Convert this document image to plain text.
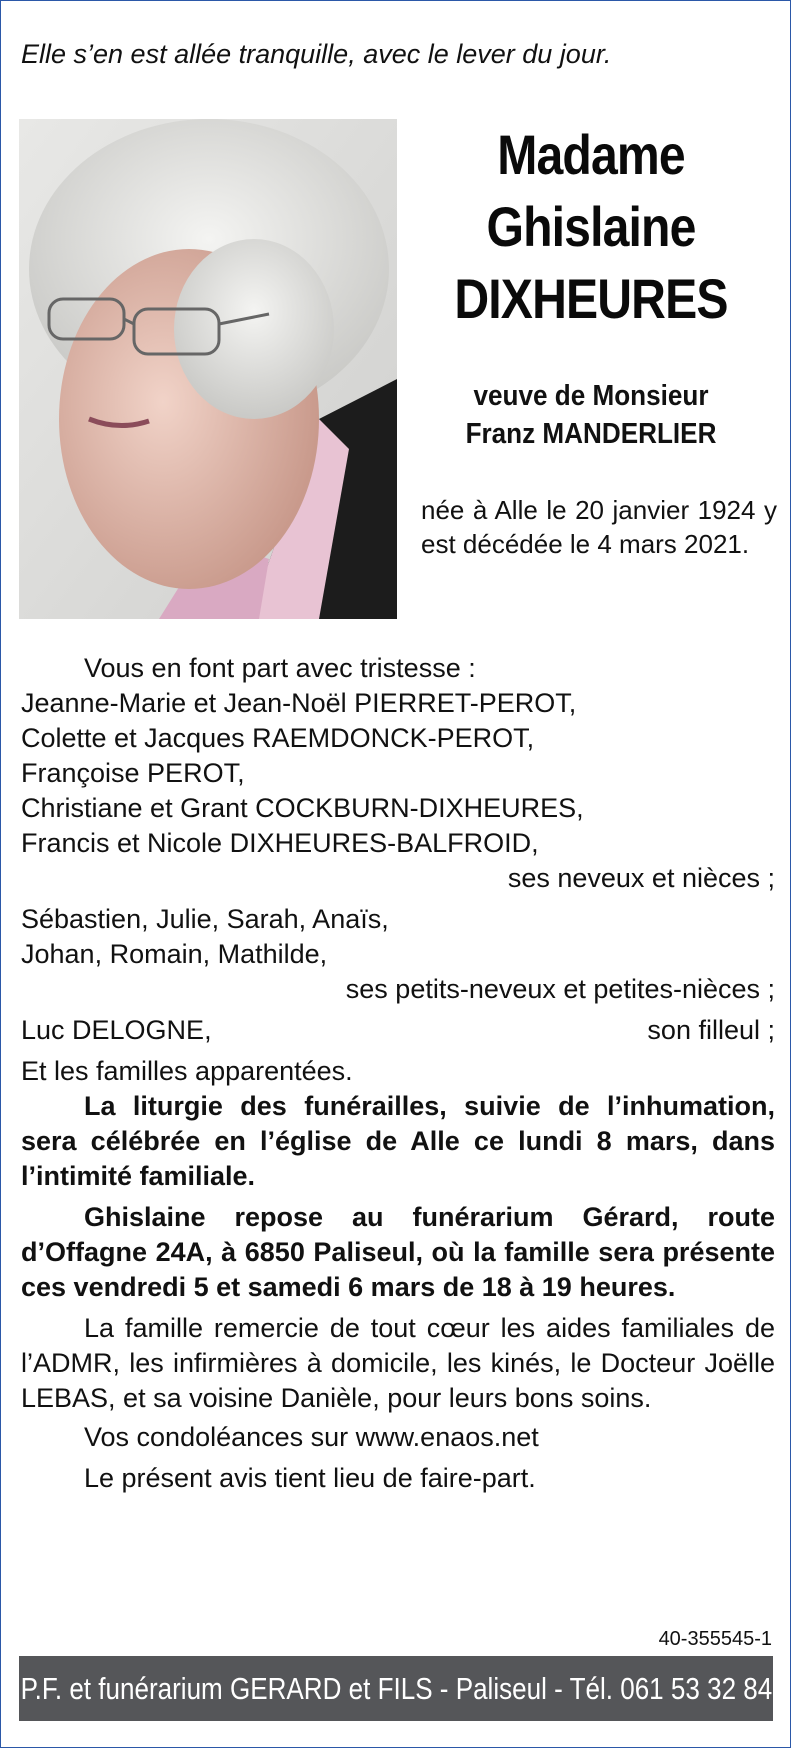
Elle s’en est allée tranquille, avec le lever du jour.
Madame
Ghislaine
DIXHEURES
veuve de Monsieur
Franz MANDERLIER
née à Alle le 20 janvier 1924 y est décédée le 4 mars 2021.
Vous en font part avec tristesse :
Jeanne-Marie et Jean-Noël PIERRET-PEROT,
Colette et Jacques RAEMDONCK-PEROT,
Françoise PEROT,
Christiane et Grant COCKBURN-DIXHEURES,
Francis et Nicole DIXHEURES-BALFROID,
ses neveux et nièces ;
Sébastien, Julie, Sarah, Anaïs,
Johan, Romain, Mathilde,
ses petits-neveux et petites-nièces ;
Luc DELOGNE,	son filleul ;
Et les familles apparentées.
La liturgie des funérailles, suivie de l’inhumation, sera célébrée en l’église de Alle ce lundi 8 mars, dans l’intimité familiale.
Ghislaine repose au funérarium Gérard, route d’Offagne 24A, à 6850 Paliseul, où la famille sera présente ces vendredi 5 et samedi 6 mars de 18 à 19 heures.
La famille remercie de tout cœur les aides familiales de l’ADMR, les infirmières à domicile, les kinés, le Docteur Joëlle LEBAS, et sa voisine Danièle, pour leurs bons soins.
Vos condoléances sur www.enaos.net
Le présent avis tient lieu de faire-part.
40-355545-1
P.F. et funérarium GERARD et FILS - Paliseul - Tél. 061 53 32 84
